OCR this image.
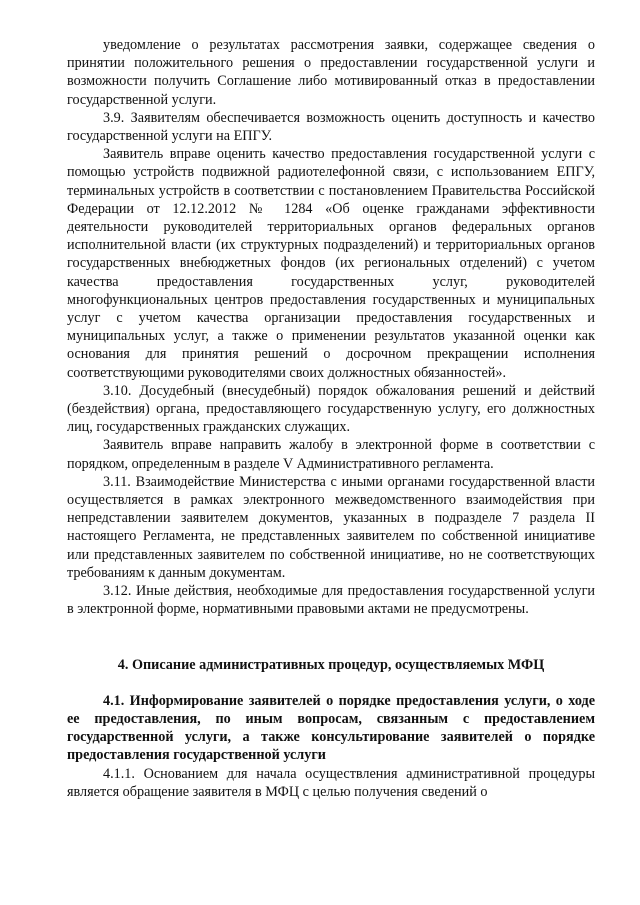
уведомление о результатах рассмотрения заявки, содержащее сведения о принятии положительного решения о предоставлении государственной услуги и возможности получить Соглашение либо мотивированный отказ в предоставлении государственной услуги.

3.9. Заявителям обеспечивается возможность оценить доступность и качество государственной услуги на ЕПГУ.

Заявитель вправе оценить качество предоставления государственной услуги с помощью устройств подвижной радиотелефонной связи, с использованием ЕПГУ, терминальных устройств в соответствии с постановлением Правительства Российской Федерации от 12.12.2012 № 1284 «Об оценке гражданами эффективности деятельности руководителей территориальных органов федеральных органов исполнительной власти (их структурных подразделений) и территориальных органов государственных внебюджетных фондов (их региональных отделений) с учетом качества предоставления государственных услуг, руководителей многофункциональных центров предоставления государственных и муниципальных услуг с учетом качества организации предоставления государственных и муниципальных услуг, а также о применении результатов указанной оценки как основания для принятия решений о досрочном прекращении исполнения соответствующими руководителями своих должностных обязанностей».

3.10. Досудебный (внесудебный) порядок обжалования решений и действий (бездействия) органа, предоставляющего государственную услугу, его должностных лиц, государственных гражданских служащих.

Заявитель вправе направить жалобу в электронной форме в соответствии с порядком, определенным в разделе V Административного регламента.

3.11. Взаимодействие Министерства с иными органами государственной власти осуществляется в рамках электронного межведомственного взаимодействия при непредставлении заявителем документов, указанных в подразделе 7 раздела II настоящего Регламента, не представленных заявителем по собственной инициативе или представленных заявителем по собственной инициативе, но не соответствующих требованиям к данным документам.

3.12. Иные действия, необходимые для предоставления государственной услуги в электронной форме, нормативными правовыми актами не предусмотрены.

4. Описание административных процедур, осуществляемых МФЦ

4.1. Информирование заявителей о порядке предоставления услуги, о ходе ее предоставления, по иным вопросам, связанным с предоставлением государственной услуги, а также консультирование заявителей о порядке предоставления государственной услуги

4.1.1. Основанием для начала осуществления административной процедуры является обращение заявителя в МФЦ с целью получения сведений о
